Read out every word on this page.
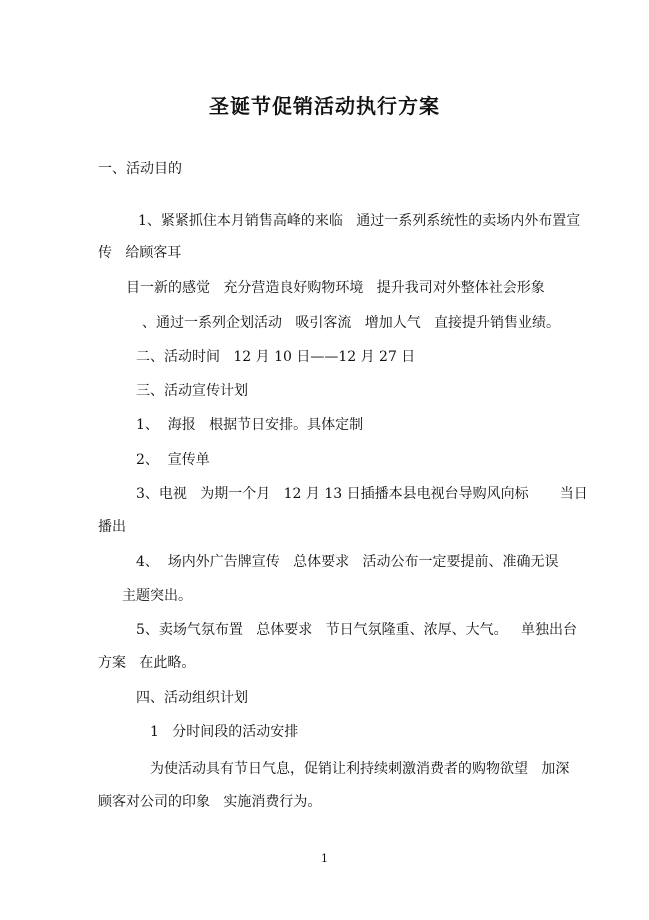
圣诞节促销活动执行方案
一、活动目的
1、紧紧抓住本月销售高峰的来临   通过一系列系统性的卖场内外布置宣
传   给顾客耳
目一新的感觉   充分营造良好购物环境   提升我司对外整体社会形象
、通过一系列企划活动   吸引客流   增加人气   直接提升销售业绩。
二、活动时间   12 月 10 日——12 月 27 日
三、活动宣传计划
1、  海报   根据节日安排。具体定制
2、  宣传单
3、电视   为期一个月   12 月 13 日插播本县电视台导购风向标       当日
播出
4、  场内外广告牌宣传   总体要求   活动公布一定要提前、准确无误
主题突出。
5、卖场气氛布置   总体要求   节日气氛隆重、浓厚、大气。   单独出台
方案   在此略。
四、活动组织计划
1   分时间段的活动安排
为使活动具有节日气息，促销让利持续刺激消费者的购物欲望   加深
顾客对公司的印象   实施消费行为。
1
